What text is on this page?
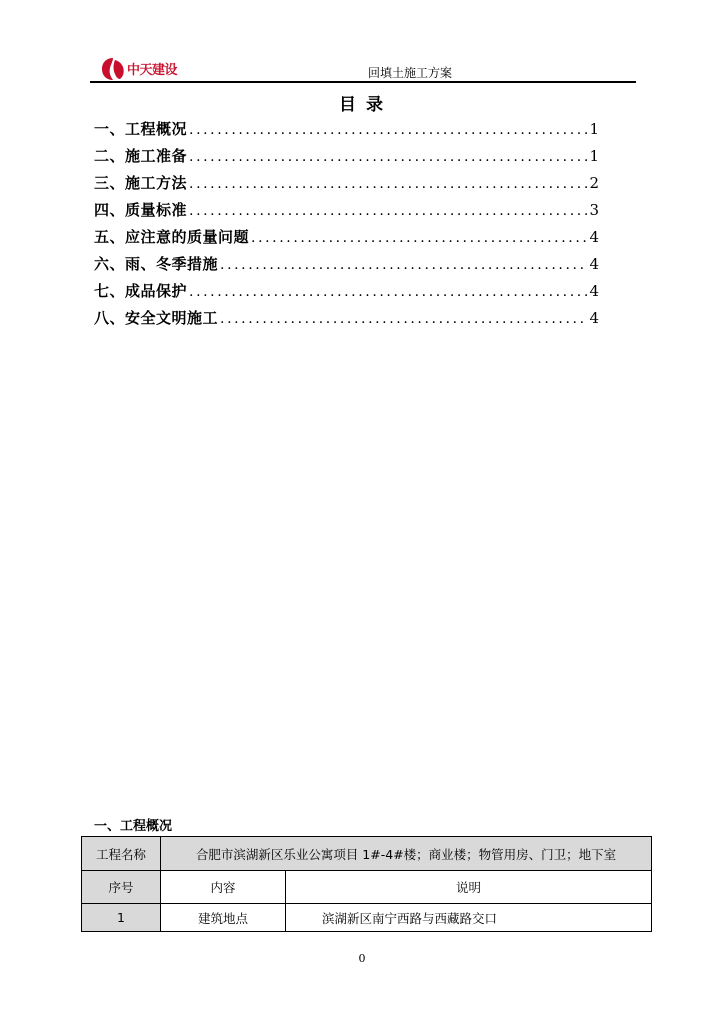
中天建设	回填土施工方案
目 录
一、工程概况 .....	1
二、施工准备 .....	1
三、施工方法 .....	2
四、质量标准 .....	3
五、应注意的质量问题 .....	4
六、雨、冬季措施 .....	4
七、成品保护 .....	4
八、安全文明施工 .....	4
一、工程概况
工程名称	合肥市滨湖新区乐业公寓项目 1#-4#楼；商业楼；物管用房、门卫；地下室	
序号	内容	说明
1	建筑地点	滨湖新区南宁西路与西藏路交口
0
